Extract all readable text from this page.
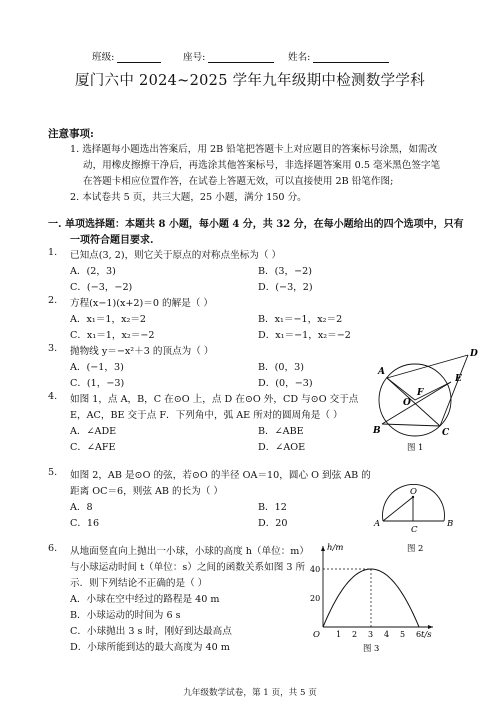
班级:	座号:	姓名:
厦门六中 2024~2025 学年九年级期中检测数学学科
注意事项:
1. 选择题每小题选出答案后，用 2B 铅笔把答题卡上对应题目的答案标号涂黑，如需改
动，用橡皮擦擦干净后，再选涂其他答案标号，非选择题答案用 0.5 毫米黑色签字笔
在答题卡相应位置作答，在试卷上答题无效，可以直接使用 2B 铅笔作图;
2. 本试卷共 5 页，共三大题，25 小题，满分 150 分。
一. 单项选择题：本题共 8 小题，每小题 4 分，共 32 分，在每小题给出的四个选项中，只有
一项符合题目要求.
1. 已知点(3, 2)，则它关于原点的对称点坐标为（ ）
A．(2，3)	B．(3，−2)
C．(−3，−2)	D．(−3，2)
2. 方程(x−1)(x+2)＝0 的解是（ ）
A．x₁＝1，x₂＝2	B．x₁＝−1，x₂＝2
C．x₁＝1，x₂＝−2	D．x₁＝−1，x₂＝−2
3. 抛物线 y＝−x²＋3 的顶点为（ ）
A．(−1，3)	B．(0，3)
C．(1，−3)	D．(0，−3)
4. 如图 1，点 A，B，C 在⊙O 上，点 D 在⊙O 外，CD 与⊙O 交于点
E，AC，BE 交于点 F．下列角中，弧 AE 所对的圆周角是（ ）
A．∠ADE	B．∠ABE
C．∠AFE	D．∠AOE
5. 如图 2，AB 是⊙O 的弦，若⊙O 的半径 OA＝10，圆心 O 到弦 AB 的
距离 OC＝6，则弦 AB 的长为（ ）
A．8	B．12
C．16	D．20
6. 从地面竖直向上抛出一小球，小球的高度 h（单位：m）
与小球运动时间 t（单位：s）之间的函数关系如图 3 所
示．则下列结论不正确的是（ ）
A．小球在空中经过的路程是 40 m
B．小球运动的时间为 6 s
C．小球抛出 3 s 时，刚好到达最高点
D．小球所能到达的最大高度为 40 m
A
D
E
F
O
B	C
图 1
O
A
C
B
图 2
h/m
t/s
O
40
20
1 2 3 4 5 6
图 3
九年级数学试卷，第 1 页，共 5 页
